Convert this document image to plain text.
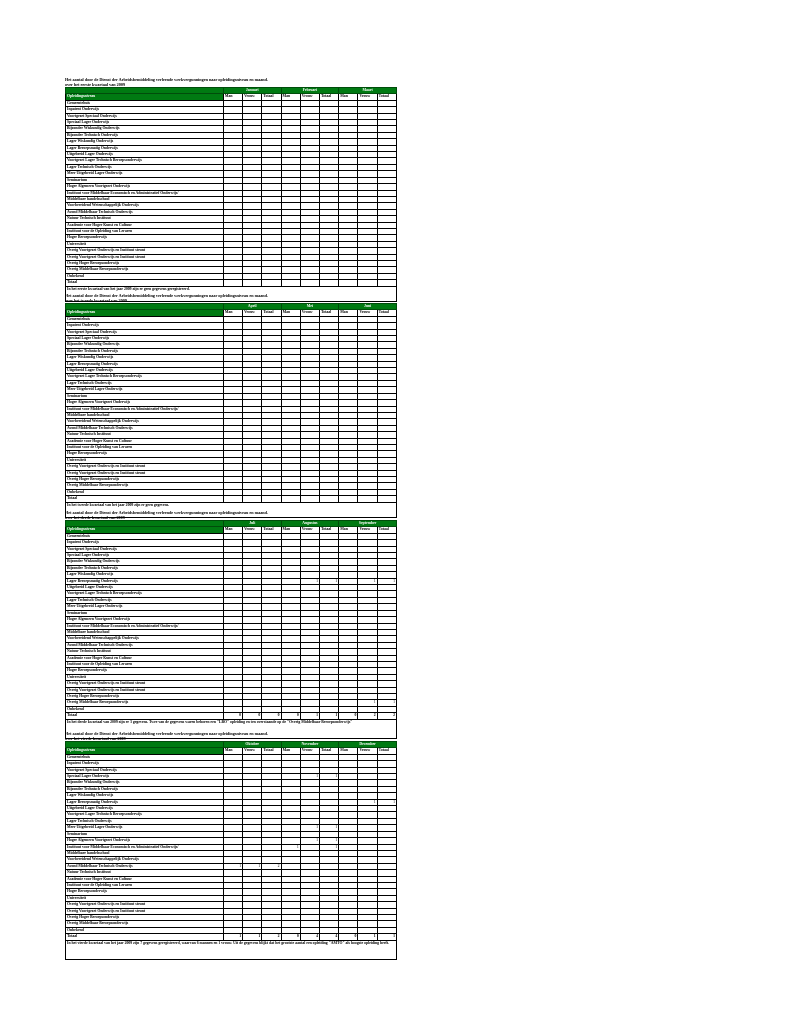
Het aantal door de Dienst der Arbeidsbemiddeling verleende werkvergunningen naar opleidingsniveau en maand.
over het eerste kwartaal van 2009
	Januari			Februari			Maart		
Opleidingsniveau	Man	Vrouw	Totaal	Man	Vrouw	Totaal	Man	Vrouw	Totaal
Gemeentehuis									
Inpatent Onderwijs									
Voortgezet Speciaal Onderwijs									
Speciaal Lager Onderwijs									
Bijzonder Wiskundig Onderwijs									
Bijzonder Technisch Onderwijs									
Lager Wiskundig Onderwijs									
Lager Beroepsmatig Onderwijs									
Uitgebreid Lager Onderwijs									
Voortgezet Lager Technisch Beroepsonderwijs									
Lager Technisch Onderwijs									
Meer Uitgebreid Lager Onderwijs									
Seminarium									
Hoger Algemeen Voortgezet Onderwijs									
Instituut voor Middelbaar Economisch en Administratief Onderwijs/									
Middelbare handelsschool									
Voorbereidend Wetenschappelijk Onderwijs									
Avond Middelbaar Technisch Onderwijs									
Natuur Technisch Instituut									
Academie voor Hoger Kunst en Cultuur									
Instituut voor de Opleiding van Leraren									
Hoger Beroepsonderwijs									
Universiteit									
Overig Voortgezet Onderwijs en Instituut steunt									
Overig Voortgezet Onderwijs en Instituut steunt									
Overig Hoger Beroepsonderwijs									
Overig Middelbaar Beroepsonderwijs									
Onbekend									
Totaal									
In het eerste kwartaal van het jaar 2009 zijn er geen gegevens geregistreerd.
Het aantal door de Dienst der Arbeidsbemiddeling verleende werkvergunningen naar opleidingsniveau en maand.
over het tweede kwartaal van 2009
	April			Mei			Juni		
Opleidingsniveau	Man	Vrouw	Totaal	Man	Vrouw	Totaal	Man	Vrouw	Totaal
Gemeentehuis									
Inpatent Onderwijs									
Voortgezet Speciaal Onderwijs									
Speciaal Lager Onderwijs									
Bijzonder Wiskundig Onderwijs									
Bijzonder Technisch Onderwijs									
Lager Wiskundig Onderwijs									
Lager Beroepsmatig Onderwijs									
Uitgebreid Lager Onderwijs									
Voortgezet Lager Technisch Beroepsonderwijs									
Lager Technisch Onderwijs									
Meer Uitgebreid Lager Onderwijs									
Seminarium									
Hoger Algemeen Voortgezet Onderwijs									
Instituut voor Middelbaar Economisch en Administratief Onderwijs/									
Middelbare handelsschool									
Voorbereidend Wetenschappelijk Onderwijs									
Avond Middelbaar Technisch Onderwijs									
Natuur Technisch Instituut									
Academie voor Hoger Kunst en Cultuur									
Instituut voor de Opleiding van Leraren									
Hoger Beroepsonderwijs									
Universiteit									
Overig Voortgezet Onderwijs en Instituut steunt									
Overig Voortgezet Onderwijs en Instituut steunt									
Overig Hoger Beroepsonderwijs									
Overig Middelbaar Beroepsonderwijs									
Onbekend									
Totaal									
In het tweede kwartaal van het jaar 2009 zijn er geen gegevens.
Het aantal door de Dienst der Arbeidsbemiddeling verleende werkvergunningen naar opleidingsniveau en maand.
over het derde kwartaal van 2009
	Juli			Augustus			September		
Opleidingsniveau	Man	Vrouw	Totaal	Man	Vrouw	Totaal	Man	Vrouw	Totaal
Gemeentehuis									
Inpatent Onderwijs									
Voortgezet Speciaal Onderwijs									
Speciaal Lager Onderwijs									
Bijzonder Wiskundig Onderwijs									
Bijzonder Technisch Onderwijs									
Lager Wiskundig Onderwijs									
Lager Beroepsmatig Onderwijs					1	1		1	1
Uitgebreid Lager Onderwijs									
Voortgezet Lager Technisch Beroepsonderwijs									
Lager Technisch Onderwijs									
Meer Uitgebreid Lager Onderwijs									
Seminarium									
Hoger Algemeen Voortgezet Onderwijs									
Instituut voor Middelbaar Economisch en Administratief Onderwijs/									
Middelbare handelsschool									
Voorbereidend Wetenschappelijk Onderwijs									
Avond Middelbaar Technisch Onderwijs									
Natuur Technisch Instituut									
Academie voor Hoger Kunst en Cultuur									
Instituut voor de Opleiding van Leraren									
Hoger Beroepsonderwijs									
Universiteit									
Overig Voortgezet Onderwijs en Instituut steunt									
Overig Voortgezet Onderwijs en Instituut steunt									
Overig Hoger Beroepsonderwijs									
Overig Middelbaar Beroepsonderwijs								1	1
Onbekend									
Totaal	0	0	0	0	1	1	0	2	2
In het derde kwartaal van 2009 zijn er 3 gegevens. Twee van de gegevens waren behoren een "LBO" opleiding en ten overstaande op de "Overig Middelbaar Beroepsonderwijs"
Het aantal door de Dienst der Arbeidsbemiddeling verleende werkvergunningen naar opleidingsniveau en maand.
over het vierde kwartaal van 2009
	Oktober			November			December		
Opleidingsniveau	Man	Vrouw	Totaal	Man	Vrouw	Totaal	Man	Vrouw	Totaal
Gemeentehuis									
Inpatent Onderwijs									
Voortgezet Speciaal Onderwijs									
Speciaal Lager Onderwijs					1	1			
Bijzonder Wiskundig Onderwijs									
Bijzonder Technisch Onderwijs									
Lager Wiskundig Onderwijs									
Lager Beroepsmatig Onderwijs								1	1
Uitgebreid Lager Onderwijs									
Voortgezet Lager Technisch Beroepsonderwijs									
Lager Technisch Onderwijs									
Meer Uitgebreid Lager Onderwijs					1	1			
Seminarium									
Hoger Algemeen Voortgezet Onderwijs					1	1			
Instituut voor Middelbaar Economisch en Administratief Onderwijs/				1		1			
Middelbare handelsschool									
Voorbereidend Wetenschappelijk Onderwijs									
Avond Middelbaar Technisch Onderwijs	1	1	2						
Natuur Technisch Instituut									
Academie voor Hoger Kunst en Cultuur									
Instituut voor de Opleiding van Leraren									
Hoger Beroepsonderwijs									
Universiteit									
Overig Voortgezet Onderwijs en Instituut steunt									
Overig Voortgezet Onderwijs en Instituut steunt									
Overig Hoger Beroepsonderwijs									
Overig Middelbaar Beroepsonderwijs									
Onbekend									
Totaal	1	1	2	0	4	4	0	1	1
In het vierde kwartaal van het jaar 2009 zijn 7 gegevens geregistreerd, waarvan 6 mannen en 1 vrouw. Uit de gegevens blijkt dat het grootste aantal een opleiding "AMTO" als hoogste opleiding heeft.
